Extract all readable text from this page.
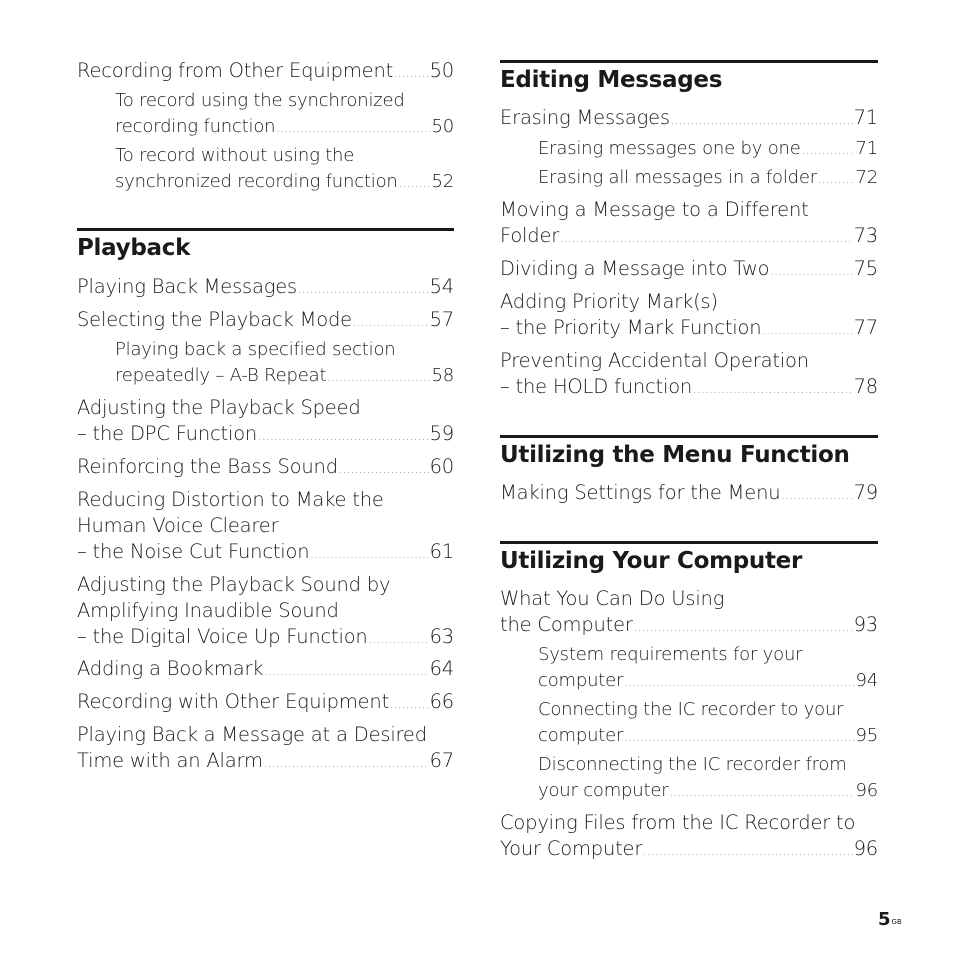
Recording from Other Equipment ..... 50
To record using the synchronized
recording function .....	50
To record without using the
synchronized recording function ..... 52
Playback
Playing Back Messages .....	54
Selecting the Playback Mode .....	57
Playing back a specified section
repeatedly – A-B Repeat .....	58
Adjusting the Playback Speed
– the DPC Function .....	59
Reinforcing the Bass Sound .....	60
Reducing Distortion to Make the
Human Voice Clearer
– the Noise Cut Function .....	61
Adjusting the Playback Sound by
Amplifying Inaudible Sound
– the Digital Voice Up Function .....	63
Adding a Bookmark .....	64
Recording with Other Equipment ..... 66
Playing Back a Message at a Desired
Time with an Alarm .....	67
Editing Messages
Erasing Messages .....	71
Erasing messages one by one .....	71
Erasing all messages in a folder ..... 72
Moving a Message to a Different
Folder .....	73
Dividing a Message into Two .....	75
Adding Priority Mark(s)
– the Priority Mark Function .....	77
Preventing Accidental Operation
– the HOLD function .....	78
Utilizing the Menu Function
Making Settings for the Menu .....	79
Utilizing Your Computer
What You Can Do Using
the Computer .....	93
System requirements for your
computer .....	94
Connecting the IC recorder to your
computer .....	95
Disconnecting the IC recorder from
your computer .....	96
Copying Files from the IC Recorder to
Your Computer .....	96
$5^{GB}$
